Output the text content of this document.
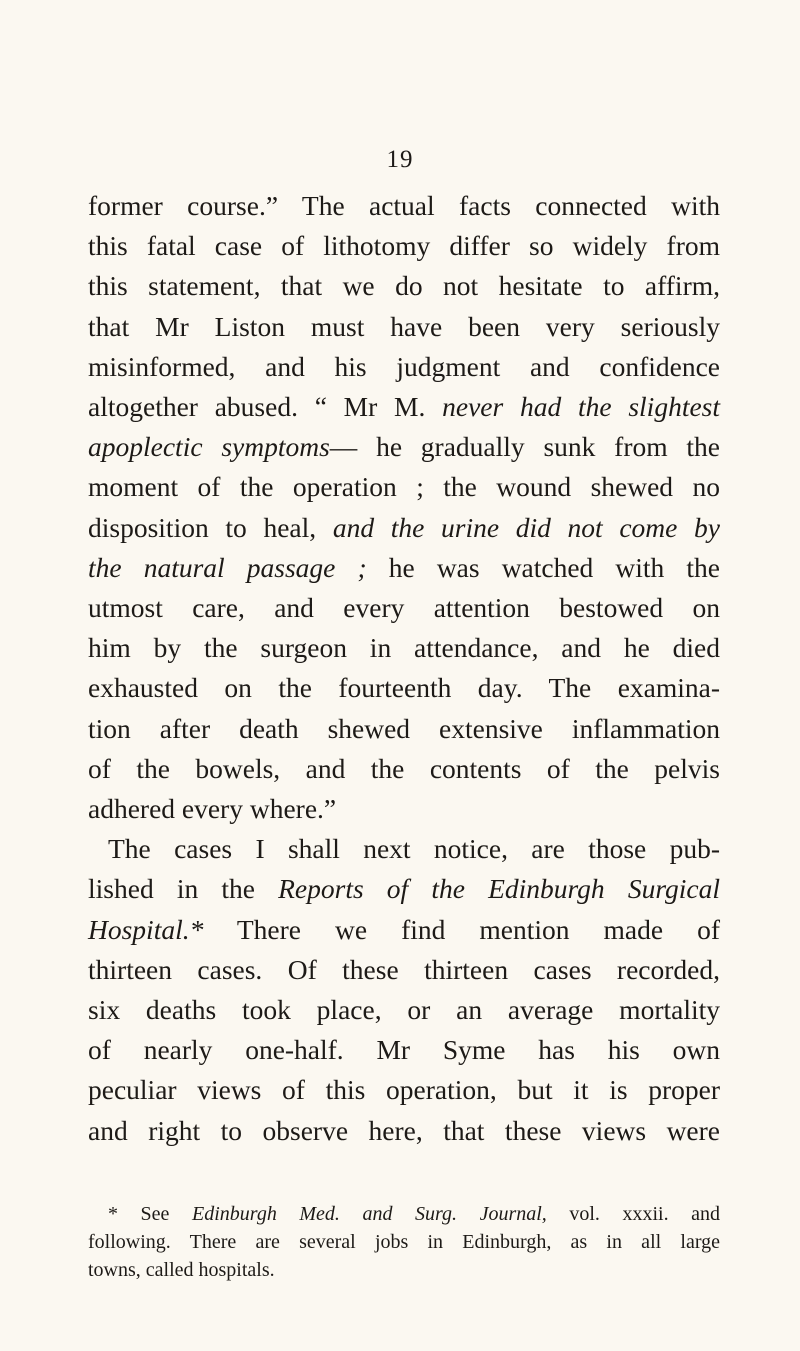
19
former course.” The actual facts connected with
this fatal case of lithotomy differ so widely from
this statement, that we do not hesitate to affirm,
that Mr Liston must have been very seriously
misinformed, and his judgment and confidence
altogether abused. “ Mr M. never had the slightest
apoplectic symptoms— he gradually sunk from the
moment of the operation ; the wound shewed no
disposition to heal, and the urine did not come by
the natural passage ; he was watched with the
utmost care, and every attention bestowed on
him by the surgeon in attendance, and he died
exhausted on the fourteenth day. The examina-
tion after death shewed extensive inflammation
of the bowels, and the contents of the pelvis
adhered every where.”
The cases I shall next notice, are those pub-
lished in the Reports of the Edinburgh Surgical
Hospital.* There we find mention made of
thirteen cases. Of these thirteen cases recorded,
six deaths took place, or an average mortality
of nearly one-half. Mr Syme has his own
peculiar views of this operation, but it is proper
and right to observe here, that these views were
* See Edinburgh Med. and Surg. Journal, vol. xxxii. and
following. There are several jobs in Edinburgh, as in all large
towns, called hospitals.
